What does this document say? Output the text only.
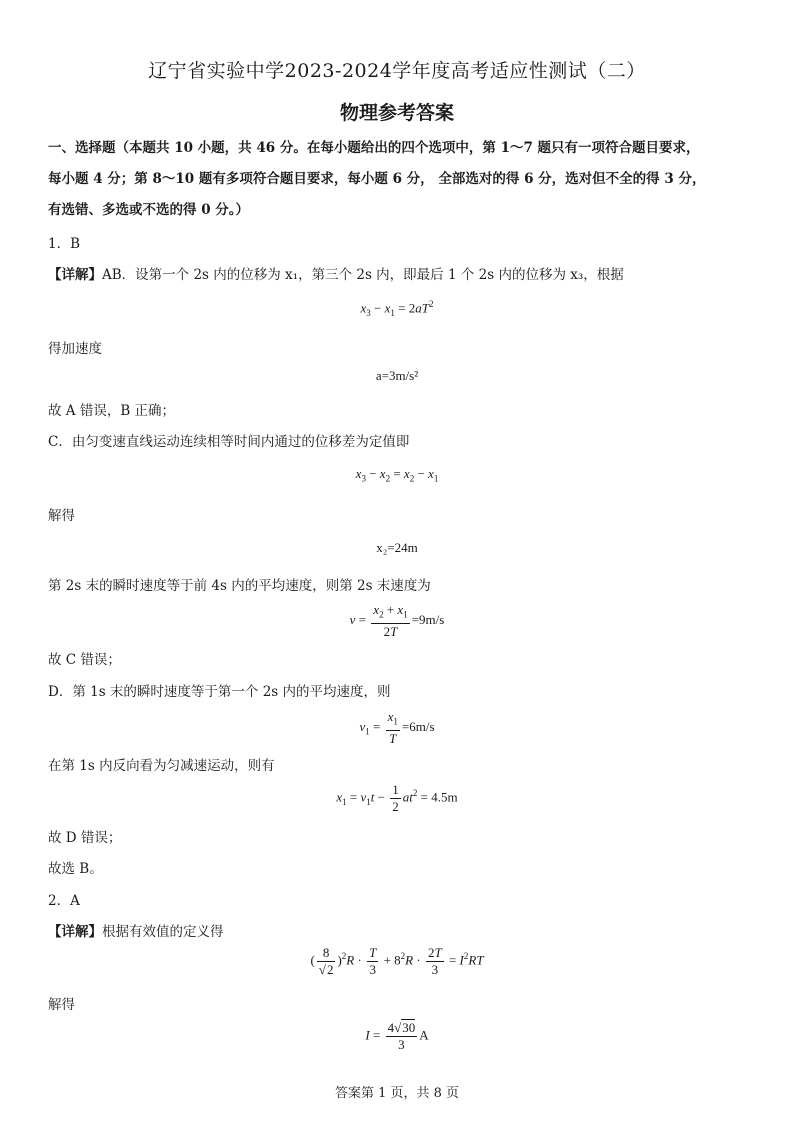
辽宁省实验中学2023-2024学年度高考适应性测试（二）
物理参考答案
一、选择题（本题共 10 小题，共 46 分。在每小题给出的四个选项中，第 1～7 题只有一项符合题目要求，
每小题 4 分；第 8～10 题有多项符合题目要求，每小题 6 分， 全部选对的得 6 分，选对但不全的得 3 分，
有选错、多选或不选的得 0 分。）
1．B
【详解】AB．设第一个 2s 内的位移为 x₁，第三个 2s 内，即最后 1 个 2s 内的位移为 x₃，根据
$x_3 - x_1 = 2aT^2$
得加速度
a=3m/s²
故 A 错误，B 正确；
C．由匀变速直线运动连续相等时间内通过的位移差为定值即
$x_3 - x_2 = x_2 - x_1$
解得
x₂=24m
第 2s 末的瞬时速度等于前 4s 内的平均速度，则第 2s 末速度为
$v = \frac{x_2 + x_1}{2T} =9m/s$
故 C 错误；
D．第 1s 末的瞬时速度等于第一个 2s 内的平均速度，则
$v_1 = \frac{x_1}{T} =6m/s$
在第 1s 内反向看为匀减速运动，则有
$x_1 = v_1t - \frac{1}{2} at^2 = 4.5m$
故 D 错误；
故选 B。
2．A
【详解】根据有效值的定义得
( $\frac{8}{√2} )^2R \cdot \frac{T}{3} + 8^2R \cdot \frac{2T}{3} = I^2RT$
解得
$I = \frac{4√30}{3}$ A
答案第 1 页，共 8 页
